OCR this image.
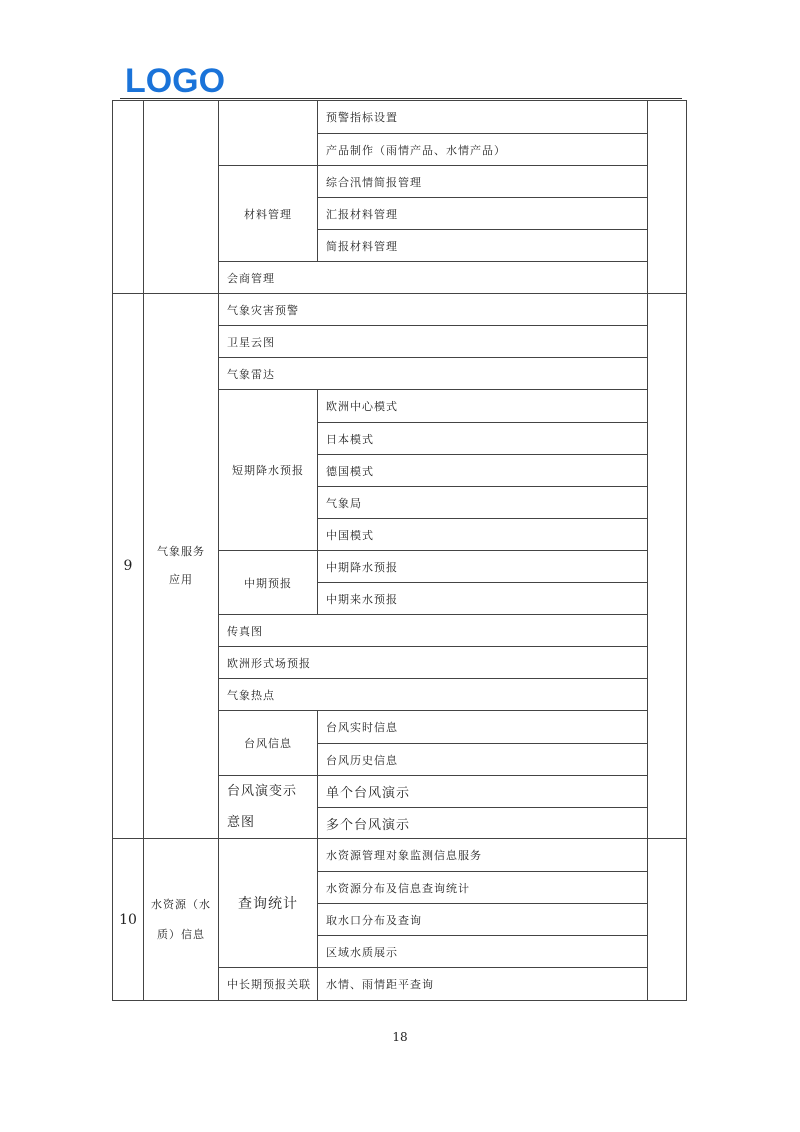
LOGO
材料管理
预警指标设置
产品制作（雨情产品、水情产品）
综合汛情简报管理
汇报材料管理
简报材料管理
会商管理
9
气象服务应用
气象灾害预警
卫星云图
气象雷达
短期降水预报
欧洲中心模式
日本模式
德国模式
气象局
中国模式
中期预报
中期降水预报
中期来水预报
传真图
欧洲形式场预报
气象热点
台风信息
台风实时信息
台风历史信息
台风演变示意图
单个台风演示
多个台风演示
10
水资源（水质）信息
查询统计
水资源管理对象监测信息服务
水资源分布及信息查询统计
取水口分布及查询
区域水质展示
中长期预报关联 水情、雨情距平查询
18
